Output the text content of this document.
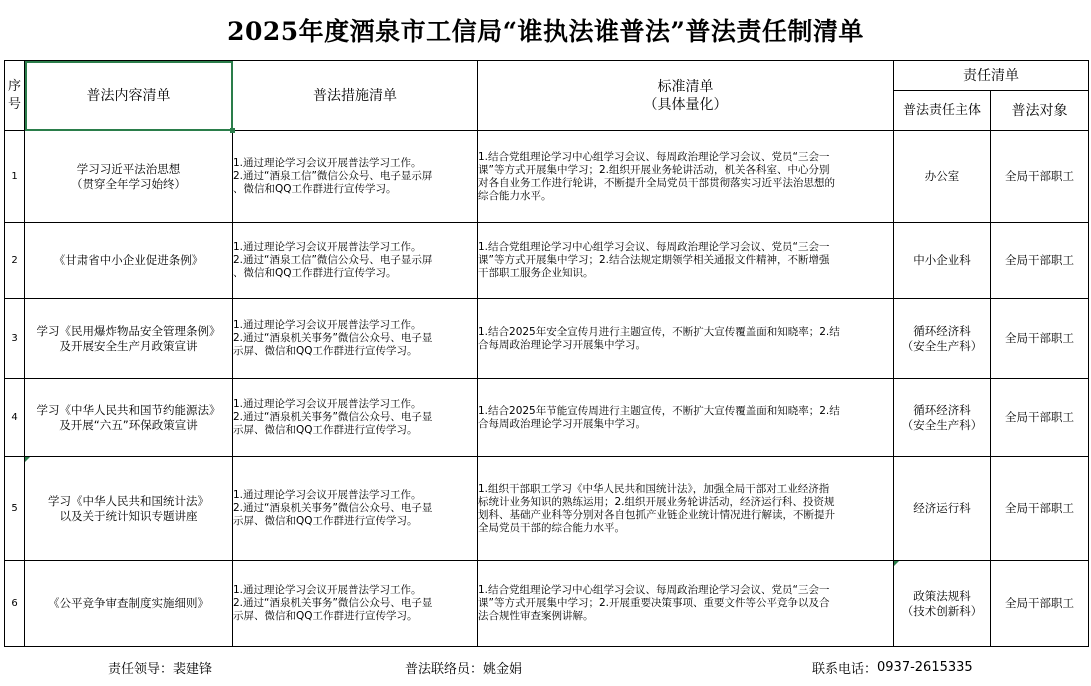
2025年度酒泉市工信局“谁执法谁普法”普法责任制清单
序
号	普法内容清单	普法措施清单	标准清单
（具体量化）	责任清单	
				普法责任主体	普法对象
1	学习习近平法治思想
（贯穿全年学习始终）	1.通过理论学习会议开展普法学习工作。
2.通过“酒泉工信”微信公众号、电子显示屏
、微信和QQ工作群进行宣传学习。	1.结合党组理论学习中心组学习会议、每周政治理论学习会议、党员“三会一
课”等方式开展集中学习；2.组织开展业务轮讲活动，机关各科室、中心分别
对各自业务工作进行轮讲，不断提升全局党员干部贯彻落实习近平法治思想的
综合能力水平。	办公室	全局干部职工
2	《甘肃省中小企业促进条例》	1.通过理论学习会议开展普法学习工作。
2.通过“酒泉工信”微信公众号、电子显示屏
、微信和QQ工作群进行宣传学习。	1.结合党组理论学习中心组学习会议、每周政治理论学习会议、党员“三会一
课”等方式开展集中学习；2.结合法规定期领学相关通报文件精神，不断增强
干部职工服务企业知识。	中小企业科	全局干部职工
3	学习《民用爆炸物品安全管理条例》
及开展安全生产月政策宣讲	1.通过理论学习会议开展普法学习工作。
2.通过“酒泉机关事务”微信公众号、电子显
示屏、微信和QQ工作群进行宣传学习。	1.结合2025年安全宣传月进行主题宣传，不断扩大宣传覆盖面和知晓率；2.结
合每周政治理论学习开展集中学习。	循环经济科
（安全生产科）	全局干部职工
4	学习《中华人民共和国节约能源法》
及开展“六五”环保政策宣讲	1.通过理论学习会议开展普法学习工作。
2.通过“酒泉机关事务”微信公众号、电子显
示屏、微信和QQ工作群进行宣传学习。	1.结合2025年节能宣传周进行主题宣传，不断扩大宣传覆盖面和知晓率；2.结
合每周政治理论学习开展集中学习。	循环经济科
（安全生产科）	全局干部职工
5	学习《中华人民共和国统计法》
以及关于统计知识专题讲座	1.通过理论学习会议开展普法学习工作。
2.通过“酒泉机关事务”微信公众号、电子显
示屏、微信和QQ工作群进行宣传学习。	1.组织干部职工学习《中华人民共和国统计法》，加强全局干部对工业经济指
标统计业务知识的熟练运用；2.组织开展业务轮讲活动，经济运行科、投资规
划科、基础产业科等分别对各自包抓产业链企业统计情况进行解读，不断提升
全局党员干部的综合能力水平。	经济运行科	全局干部职工
6	《公平竞争审查制度实施细则》	1.通过理论学习会议开展普法学习工作。
2.通过“酒泉机关事务”微信公众号、电子显
示屏、微信和QQ工作群进行宣传学习。	1.结合党组理论学习中心组学习会议、每周政治理论学习会议、党员“三会一
课”等方式开展集中学习；2.开展重要决策事项、重要文件等公平竞争以及合
法合规性审查案例讲解。	政策法规科
（技术创新科）	全局干部职工
责任领导： 裴建锋	普法联络员： 姚金娟	联系电话： 0937-2615335
